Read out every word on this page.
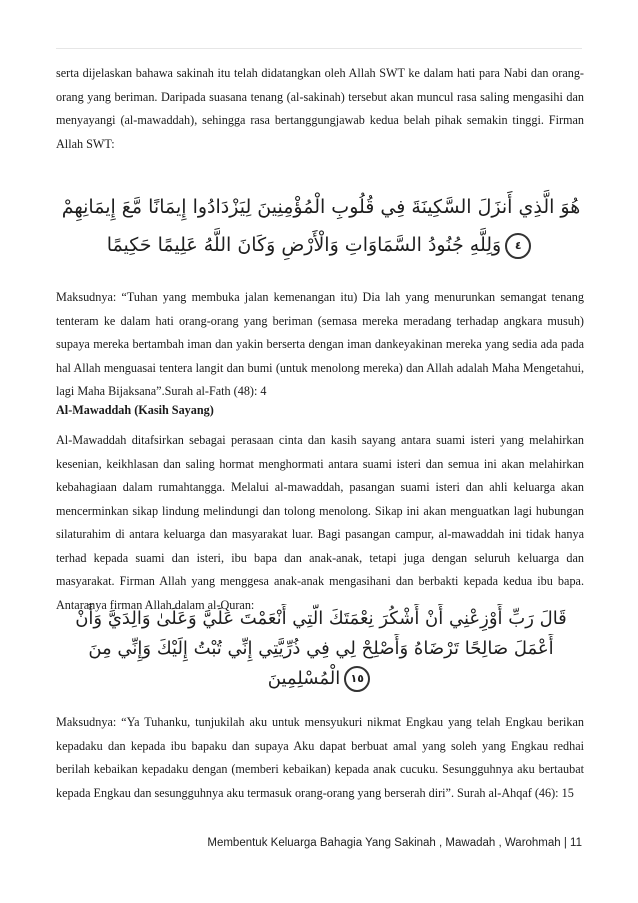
serta dijelaskan bahawa sakinah itu telah didatangkan oleh Allah SWT ke dalam hati para Nabi dan orang-orang yang beriman. Daripada suasana tenang (al-sakinah) tersebut akan muncul rasa saling mengasihi dan menyayangi (al-mawaddah), sehingga rasa bertanggungjawab kedua belah pihak semakin tinggi. Firman Allah SWT:

هُوَ الَّذِي أَنزَلَ السَّكِينَةَ فِي قُلُوبِ الْمُؤْمِنِينَ لِيَزْدَادُوا إِيمَانًا مَّعَ إِيمَانِهِمْ
٤وَلِلَّهِ جُنُودُ السَّمَاوَاتِ وَالْأَرْضِ وَكَانَ اللَّهُ عَلِيمًا حَكِيمًا

Maksudnya: “Tuhan yang membuka jalan kemenangan itu) Dia lah yang menurunkan semangat tenang tenteram ke dalam hati orang-orang yang beriman (semasa mereka meradang terhadap angkara musuh) supaya mereka bertambah iman dan yakin berserta dengan iman dankeyakinan mereka yang sedia ada pada hal Allah menguasai tentera langit dan bumi (untuk menolong mereka) dan Allah adalah Maha Mengetahui, lagi Maha Bijaksana”.Surah al-Fath (48): 4

Al-Mawaddah (Kasih Sayang)

Al-Mawaddah ditafsirkan sebagai perasaan cinta dan kasih sayang antara suami isteri yang melahirkan kesenian, keikhlasan dan saling hormat menghormati antara suami isteri dan semua ini akan melahirkan kebahagiaan dalam rumahtangga. Melalui al-mawaddah, pasangan suami isteri dan ahli keluarga akan mencerminkan sikap lindung melindungi dan tolong menolong. Sikap ini akan menguatkan lagi hubungan silaturahim di antara keluarga dan masyarakat luar. Bagi pasangan campur, al-mawaddah ini tidak hanya terhad kepada suami dan isteri, ibu bapa dan anak-anak, tetapi juga dengan seluruh keluarga dan masyarakat. Firman Allah yang menggesa anak-anak mengasihani dan berbakti kepada kedua ibu bapa. Antaranya firman Allah dalam al-Quran:

قَالَ رَبِّ أَوْزِعْنِي أَنْ أَشْكُرَ نِعْمَتَكَ الَّتِي أَنْعَمْتَ عَلَيَّ وَعَلَىٰ وَالِدَيَّ وَأَنْ
أَعْمَلَ صَالِحًا تَرْضَاهُ وَأَصْلِحْ لِي فِي ذُرِّيَّتِي إِنِّي تُبْتُ إِلَيْكَ وَإِنِّي مِنَ
١٥الْمُسْلِمِينَ

Maksudnya: “Ya Tuhanku, tunjukilah aku untuk mensyukuri nikmat Engkau yang telah Engkau berikan kepadaku dan kepada ibu bapaku dan supaya Aku dapat berbuat amal yang soleh yang Engkau redhai berilah kebaikan kepadaku dengan (memberi kebaikan) kepada anak cucuku. Sesungguhnya aku bertaubat kepada Engkau dan sesungguhnya aku termasuk orang-orang yang berserah diri”. Surah al-Ahqaf (46): 15

Membentuk Keluarga Bahagia Yang Sakinah , Mawadah , Warohmah | 11
